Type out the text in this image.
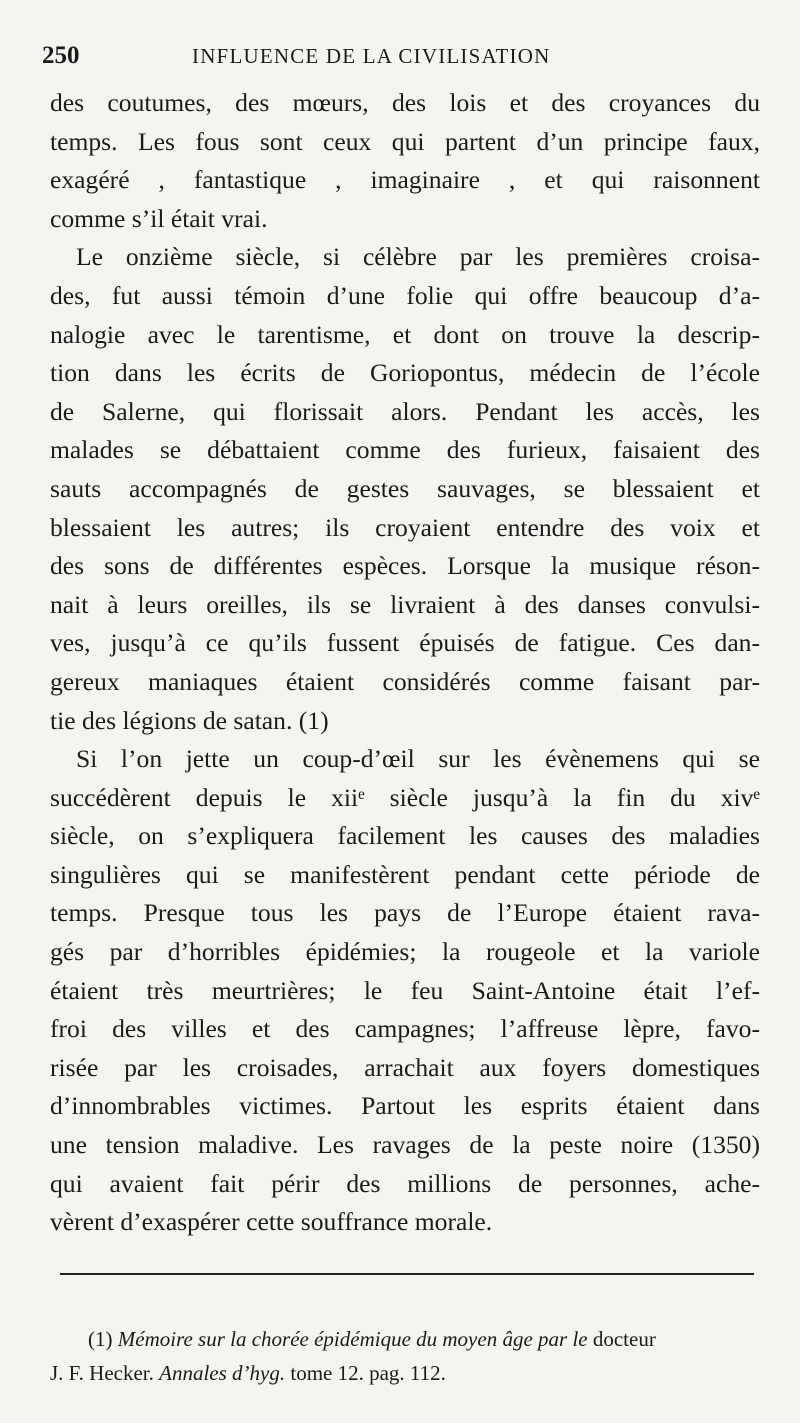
250	INFLUENCE DE LA CIVILISATION
des coutumes, des mœurs, des lois et des croyances du
temps. Les fous sont ceux qui partent d’un principe faux,
exagéré , fantastique , imaginaire , et qui raisonnent
comme s’il était vrai.
Le onzième siècle, si célèbre par les premières croisa-
des, fut aussi témoin d’une folie qui offre beaucoup d’a-
nalogie avec le tarentisme, et dont on trouve la descrip-
tion dans les écrits de Goriopontus, médecin de l’école
de Salerne, qui florissait alors. Pendant les accès, les
malades se débattaient comme des furieux, faisaient des
sauts accompagnés de gestes sauvages, se blessaient et
blessaient les autres; ils croyaient entendre des voix et
des sons de différentes espèces. Lorsque la musique réson-
nait à leurs oreilles, ils se livraient à des danses convulsi-
ves, jusqu’à ce qu’ils fussent épuisés de fatigue. Ces dan-
gereux maniaques étaient considérés comme faisant par-
tie des légions de satan. (1)
Si l’on jette un coup-d’œil sur les évènemens qui se
succédèrent depuis le xiiᵉ siècle jusqu’à la fin du xivᵉ
siècle, on s’expliquera facilement les causes des maladies
singulières qui se manifestèrent pendant cette période de
temps. Presque tous les pays de l’Europe étaient rava-
gés par d’horribles épidémies; la rougeole et la variole
étaient très meurtrières; le feu Saint-Antoine était l’ef-
froi des villes et des campagnes; l’affreuse lèpre, favo-
risée par les croisades, arrachait aux foyers domestiques
d’innombrables victimes. Partout les esprits étaient dans
une tension maladive. Les ravages de la peste noire (1350)
qui avaient fait périr des millions de personnes, ache-
vèrent d’exaspérer cette souffrance morale.
(1) Mémoire sur la chorée épidémique du moyen âge par le docteur
J. F. Hecker. Annales d’hyg. tome 12. pag. 112.
